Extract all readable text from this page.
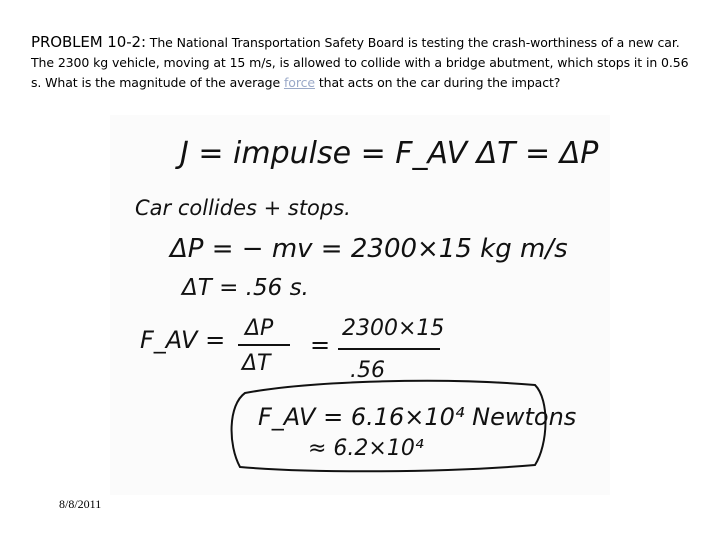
PROBLEM 10-2: The National Transportation Safety Board is testing the crash-worthiness of a new car. The 2300 kg vehicle, moving at 15 m/s, is allowed to collide with a bridge abutment, which stops it in 0.56 s. What is the magnitude of the average force that acts on the car during the impact?
J = impulse = F_AV ΔT = ΔP
Car collides + stops.
ΔP = − mv = 2300×15 kg m/s
ΔT = .56 s.
F_AV = ΔP
ΔT
=
2300×15
.56
F_AV = 6.16×10⁴ Newtons
≈ 6.2×10⁴
8/8/2011
